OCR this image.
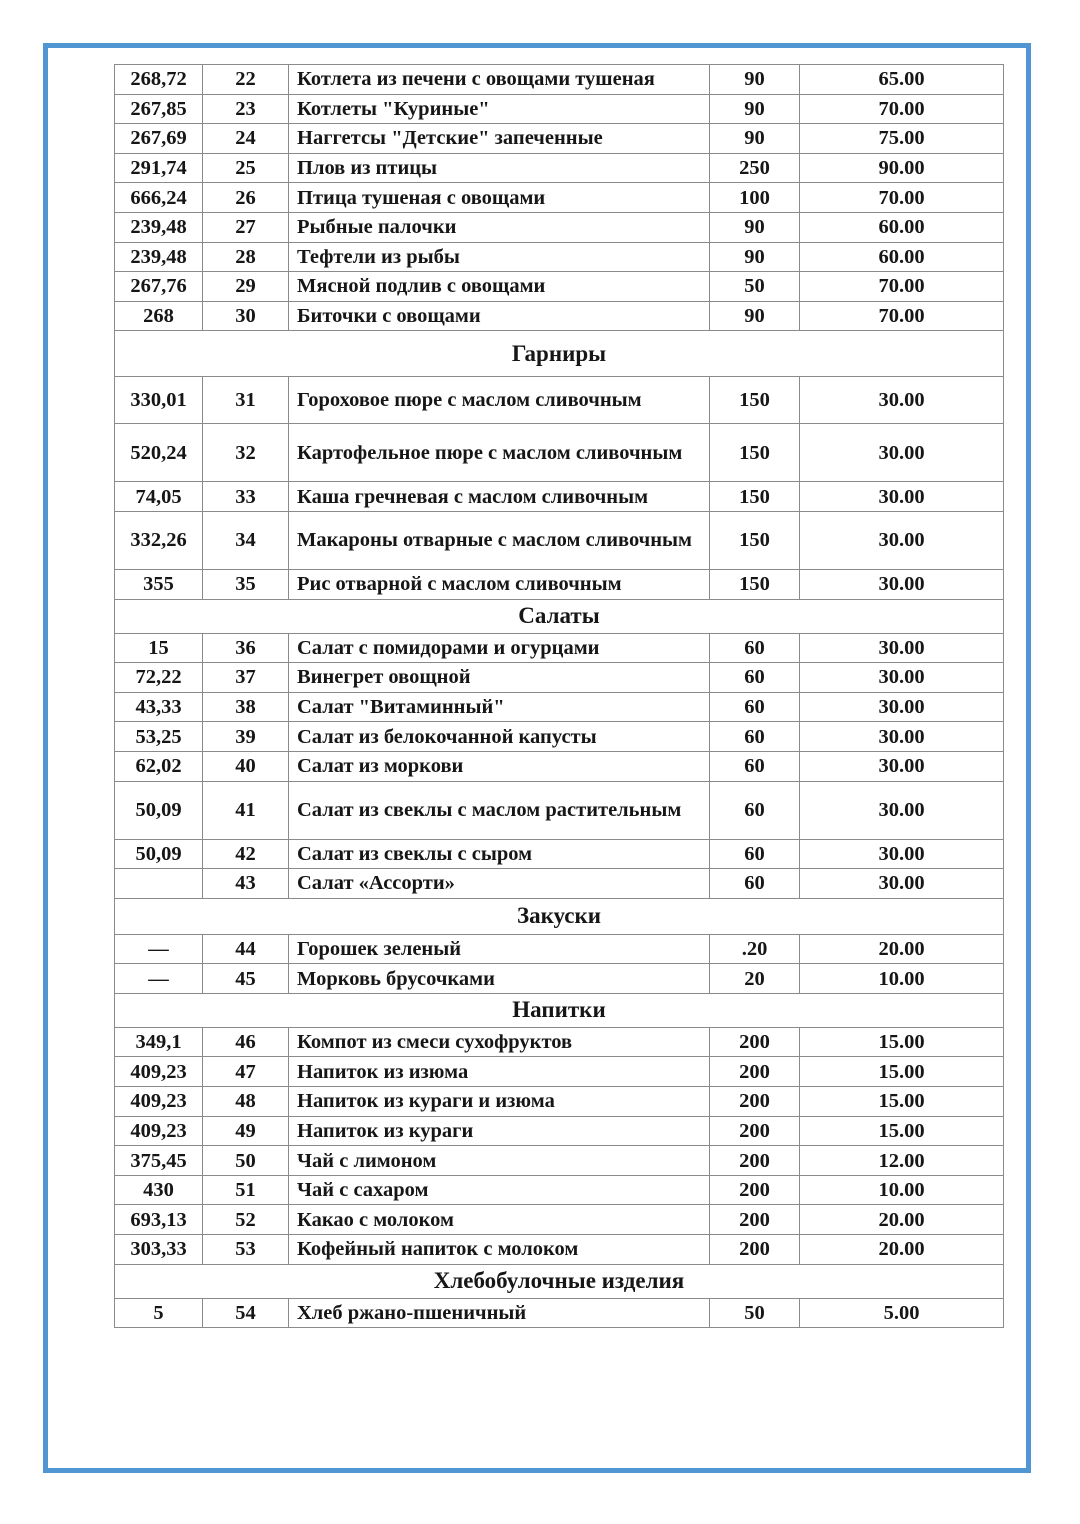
268,72	22	Котлета из печени с овощами тушеная	90	65.00
267,85	23	Котлеты "Куриные"	90	70.00
267,69	24	Наггетсы "Детские" запеченные	90	75.00
291,74	25	Плов из птицы	250	90.00
666,24	26	Птица тушеная с овощами	100	70.00
239,48	27	Рыбные палочки	90	60.00
239,48	28	Тефтели из рыбы	90	60.00
267,76	29	Мясной подлив с овощами	50	70.00
268	30	Биточки с овощами	90	70.00
Гарниры				
330,01	31	Гороховое пюре с маслом сливочным	150	30.00
520,24	32	Картофельное пюре с маслом сливочным	150	30.00
74,05	33	Каша гречневая с маслом сливочным	150	30.00
332,26	34	Макароны отварные с маслом сливочным	150	30.00
355	35	Рис отварной с маслом сливочным	150	30.00
Салаты				
15	36	Салат с помидорами и огурцами	60	30.00
72,22	37	Винегрет овощной	60	30.00
43,33	38	Салат "Витаминный"	60	30.00
53,25	39	Салат из белокочанной капусты	60	30.00
62,02	40	Салат из моркови	60	30.00
50,09	41	Салат из свеклы с маслом растительным	60	30.00
50,09	42	Салат из свеклы с сыром	60	30.00
	43	Салат «Ассорти»	60	30.00
Закуски				
—	44	Горошек зеленый	.20	20.00
—	45	Морковь брусочками	20	10.00
Напитки				
349,1	46	Компот из смеси сухофруктов	200	15.00
409,23	47	Напиток из изюма	200	15.00
409,23	48	Напиток из кураги и изюма	200	15.00
409,23	49	Напиток из кураги	200	15.00
375,45	50	Чай с лимоном	200	12.00
430	51	Чай с сахаром	200	10.00
693,13	52	Какао с молоком	200	20.00
303,33	53	Кофейный напиток с молоком	200	20.00
Хлебобулочные изделия				
5	54	Хлеб ржано-пшеничный	50	5.00
